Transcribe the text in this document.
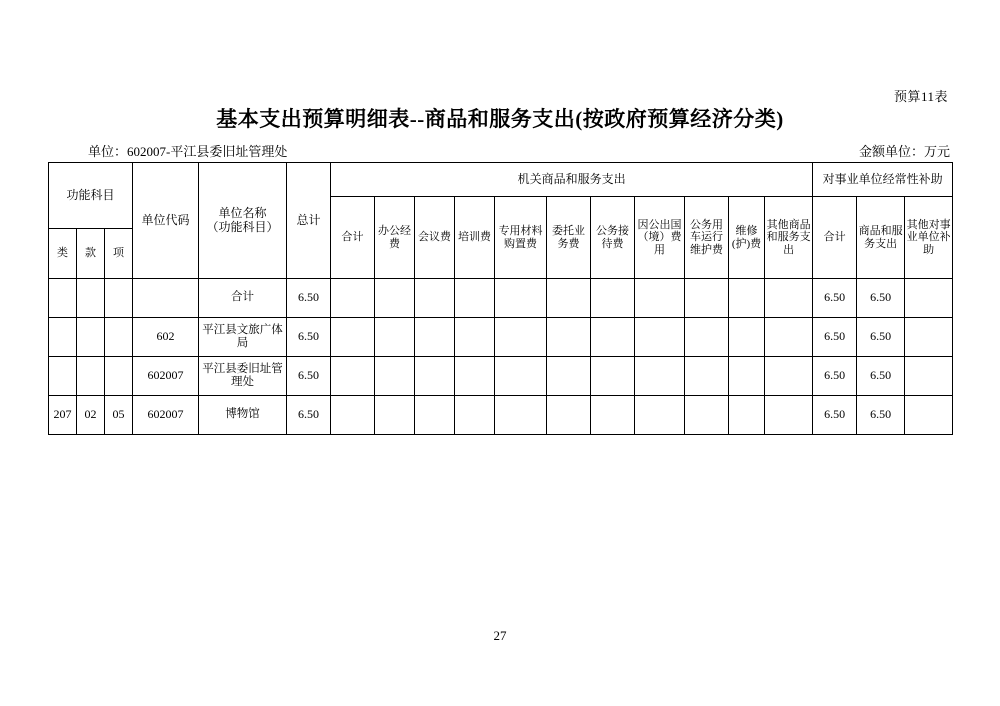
预算11表
基本支出预算明细表--商品和服务支出(按政府预算经济分类)
单位：602007-平江县委旧址管理处	金额单位：万元
功能科目			单位代码	单位名称
（功能科目）	总计	机关商品和服务支出											对事业单位经常性补助		
						合计	办公经费	会议费	培训费	专用材料购置费	委托业务费	公务接待费	因公出国（境）费用	公务用车运行维护费	维修(护)费	其他商品和服务支出	合计	商品和服务支出	其他对事业单位补助
类	款	项																	
				合计	6.50												6.50	6.50	
			602	平江县文旅广体局	6.50												6.50	6.50	
			602007	平江县委旧址管理处	6.50												6.50	6.50	
207	02	05	602007	博物馆	6.50												6.50	6.50	
27
